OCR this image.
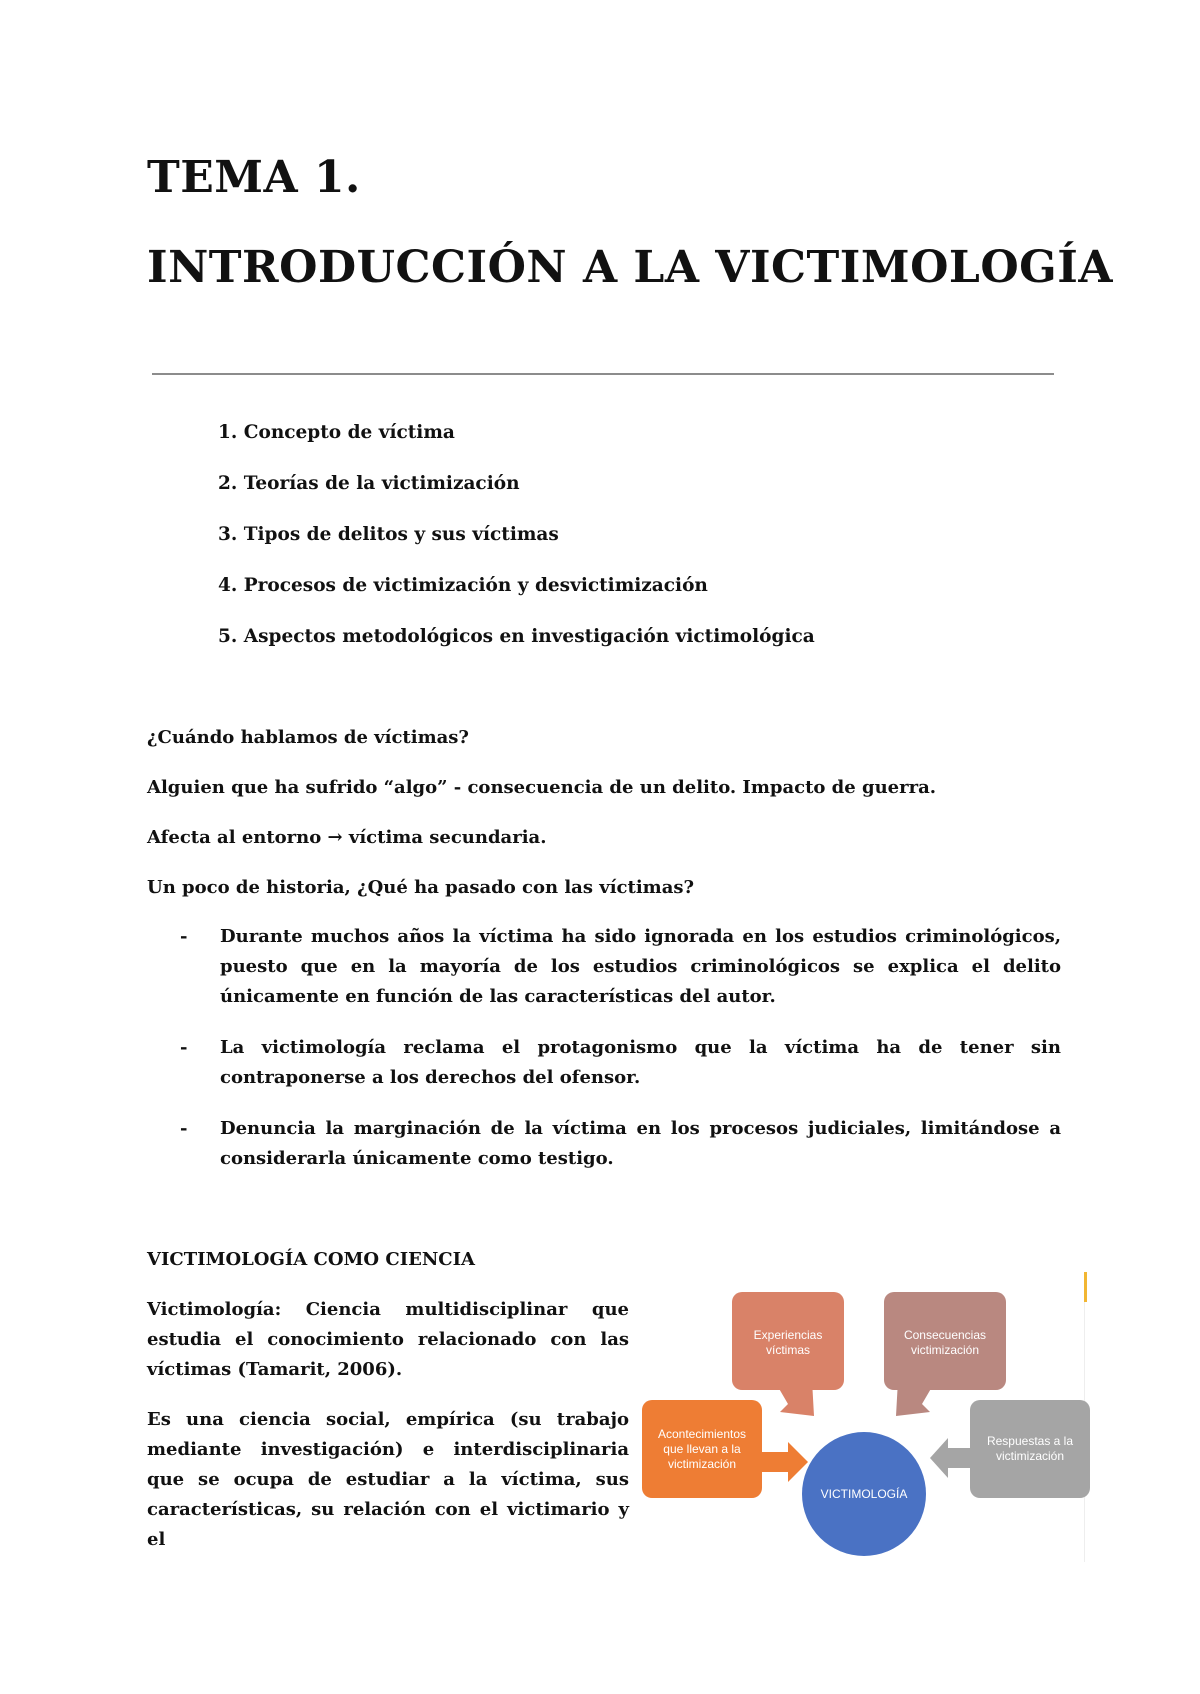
TEMA 1.
INTRODUCCIÓN A LA VICTIMOLOGÍA
1. Concepto de víctima
2. Teorías de la victimización
3. Tipos de delitos y sus víctimas
4. Procesos de victimización y desvictimización
5. Aspectos metodológicos en investigación victimológica

¿Cuándo hablamos de víctimas?

Alguien que ha sufrido “algo” - consecuencia de un delito. Impacto de guerra.

Afecta al entorno → víctima secundaria.

Un poco de historia, ¿Qué ha pasado con las víctimas?

- Durante muchos años la víctima ha sido ignorada en los estudios criminológicos, puesto que en la mayoría de los estudios criminológicos se explica el delito únicamente en función de las características del autor.
- La victimología reclama el protagonismo que la víctima ha de tener sin contraponerse a los derechos del ofensor.
- Denuncia la marginación de la víctima en los procesos judiciales, limitándose a considerarla únicamente como testigo.
VICTIMOLOGÍA COMO CIENCIA

Victimología: Ciencia multidisciplinar que estudia el conocimiento relacionado con las víctimas (Tamarit, 2006).

Es una ciencia social, empírica (su trabajo mediante investigación) e interdisciplinaria que se ocupa de estudiar a la víctima, sus características, su relación con el victimario y el

Experiencias víctimas
Consecuencias victimización
Acontecimientos que llevan a la victimización
Respuestas a la victimización
VICTIMOLOGÍA
